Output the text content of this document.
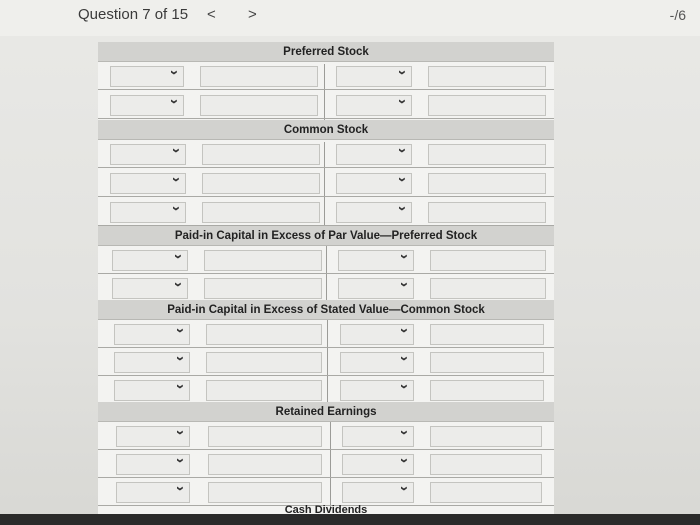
Question 7 of 15 < >	-/6
Preferred Stock
›
›
›
›
Common Stock
›
›
›
›
›
›
Paid-in Capital in Excess of Par Value—Preferred Stock
›
›
›
›
Paid-in Capital in Excess of Stated Value—Common Stock
›
›
›
›
›
›
Retained Earnings
›
›
›
›
›
›
Cash Dividends
